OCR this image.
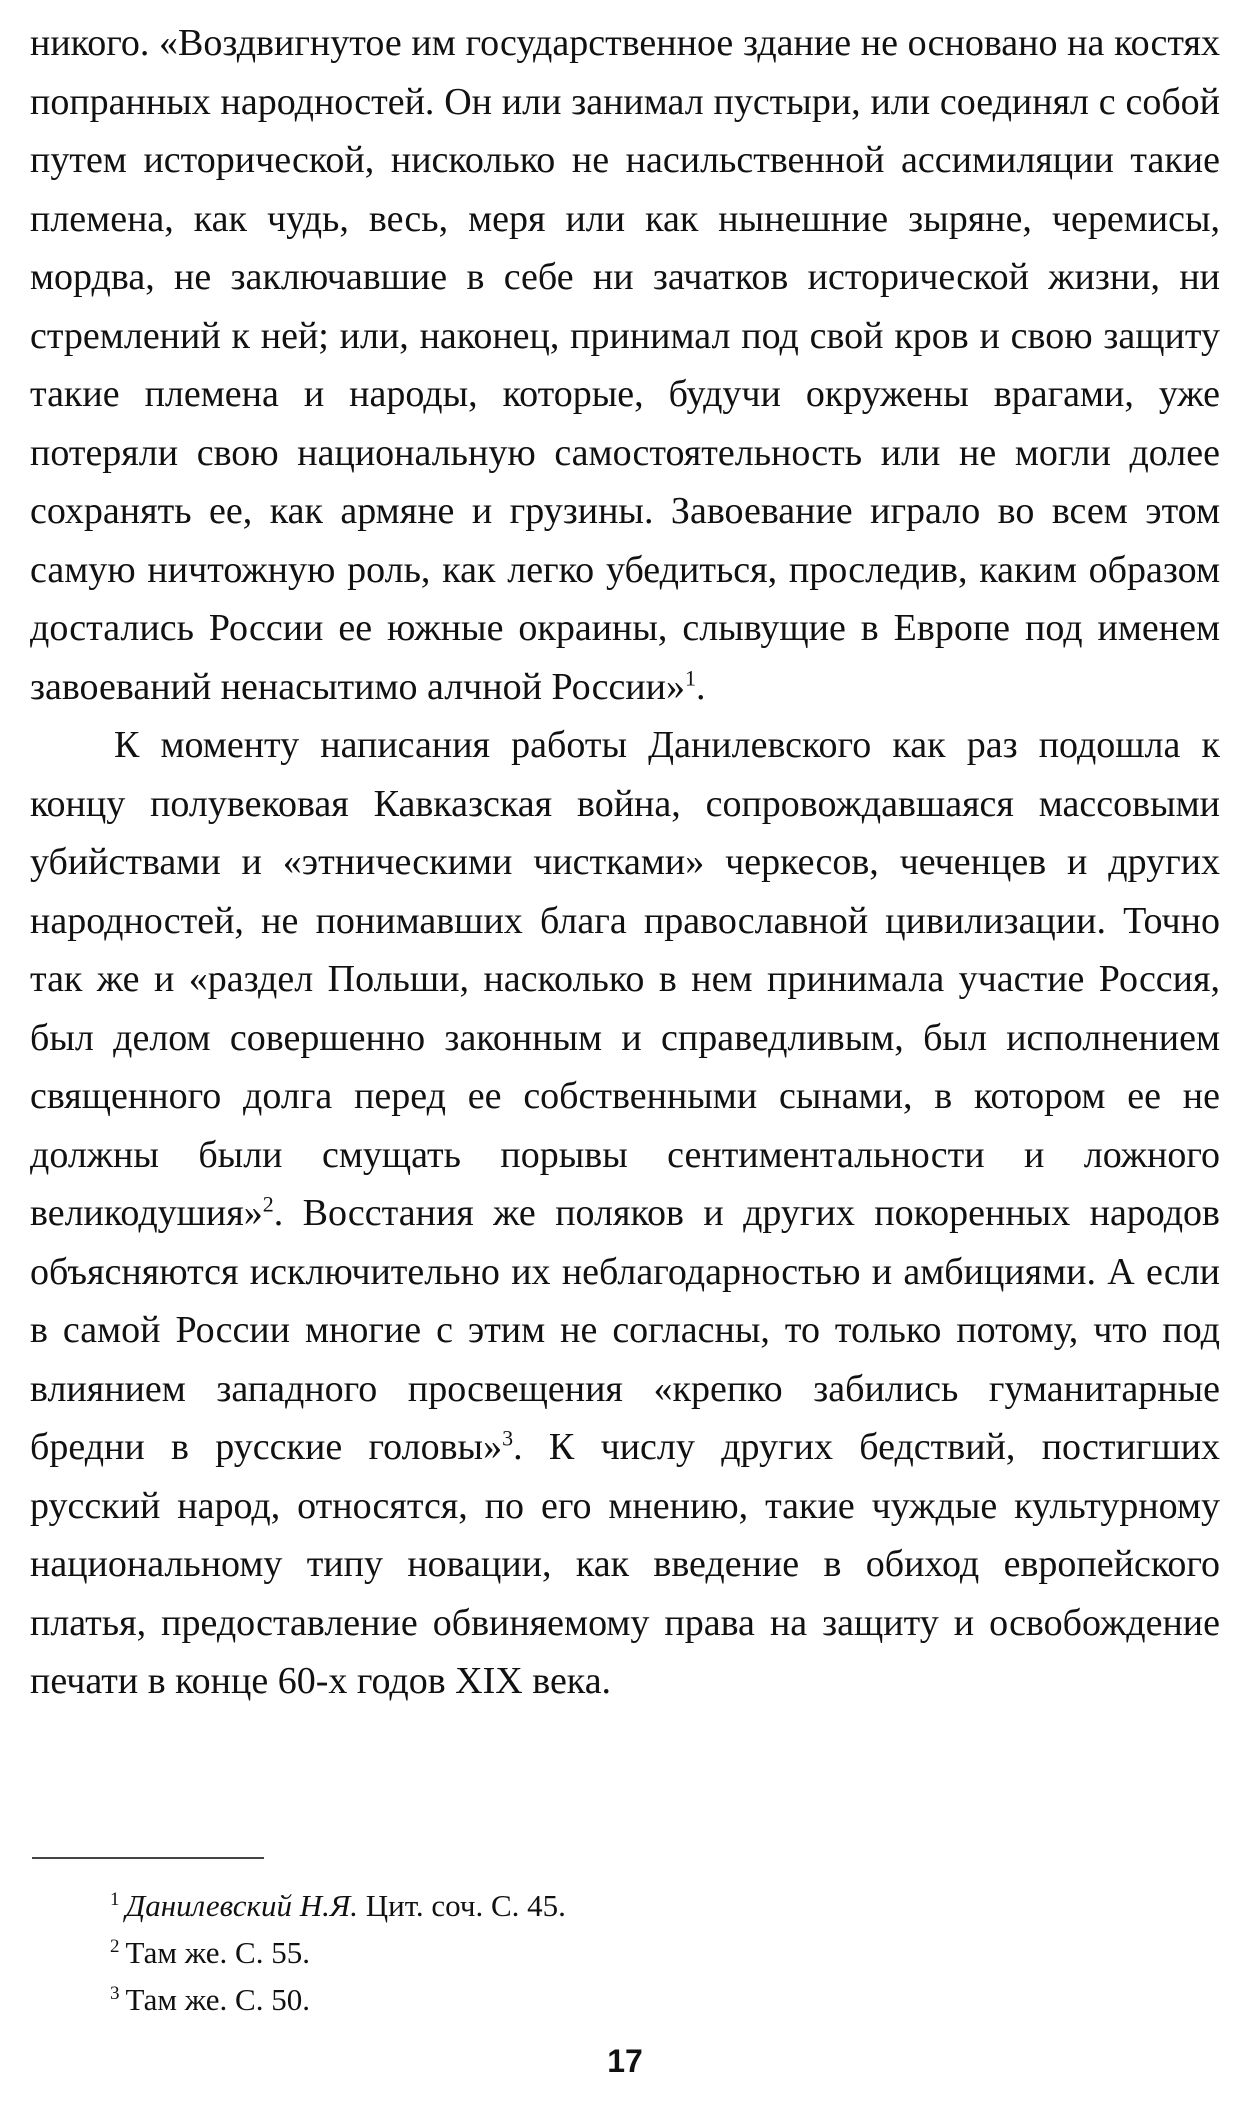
никого. «Воздвигнутое им государственное здание не основано на костях попранных народностей. Он или занимал пустыри, или соединял с собой путем исторической, нисколько не насильственной ассимиляции такие племена, как чудь, весь, меря или как нынешние зыряне, черемисы, мордва, не заключавшие в себе ни зачатков исторической жизни, ни стремлений к ней; или, наконец, принимал под свой кров и свою защиту такие племена и народы, которые, будучи окружены врагами, уже потеряли свою национальную самостоятельность или не могли долее сохранять ее, как армяне и грузины. Завоевание играло во всем этом самую ничтожную роль, как легко убедиться, проследив, каким образом достались России ее южные окраины, слывущие в Европе под именем завоеваний ненасытимо алчной России»$^1$.

К моменту написания работы Данилевского как раз подошла к концу полувековая Кавказская война, сопровождавшаяся массовыми убийствами и «этническими чистками» черкесов, чеченцев и других народностей, не понимавших блага православной цивилизации. Точно так же и «раздел Польши, насколько в нем принимала участие Россия, был делом совершенно законным и справедливым, был исполнением священного долга перед ее собственными сынами, в котором ее не должны были смущать порывы сентиментальности и ложного великодушия»$^2$. Восстания же поляков и других покоренных народов объясняются исключительно их неблагодарностью и амбициями. А если в самой России многие с этим не согласны, то только потому, что под влиянием западного просвещения «крепко забились гуманитарные бредни в русские головы»$^3$. К числу других бедствий, постигших русский народ, относятся, по его мнению, такие чуждые культурному национальному типу новации, как введение в обиход европейского платья, предоставление обвиняемому права на защиту и освобождение печати в конце 60-х годов XIX века.

$^1$ Данилевский Н.Я. Цит. соч. С. 45.

$^2$ Там же. С. 55.

$^3$ Там же. С. 50.

17
